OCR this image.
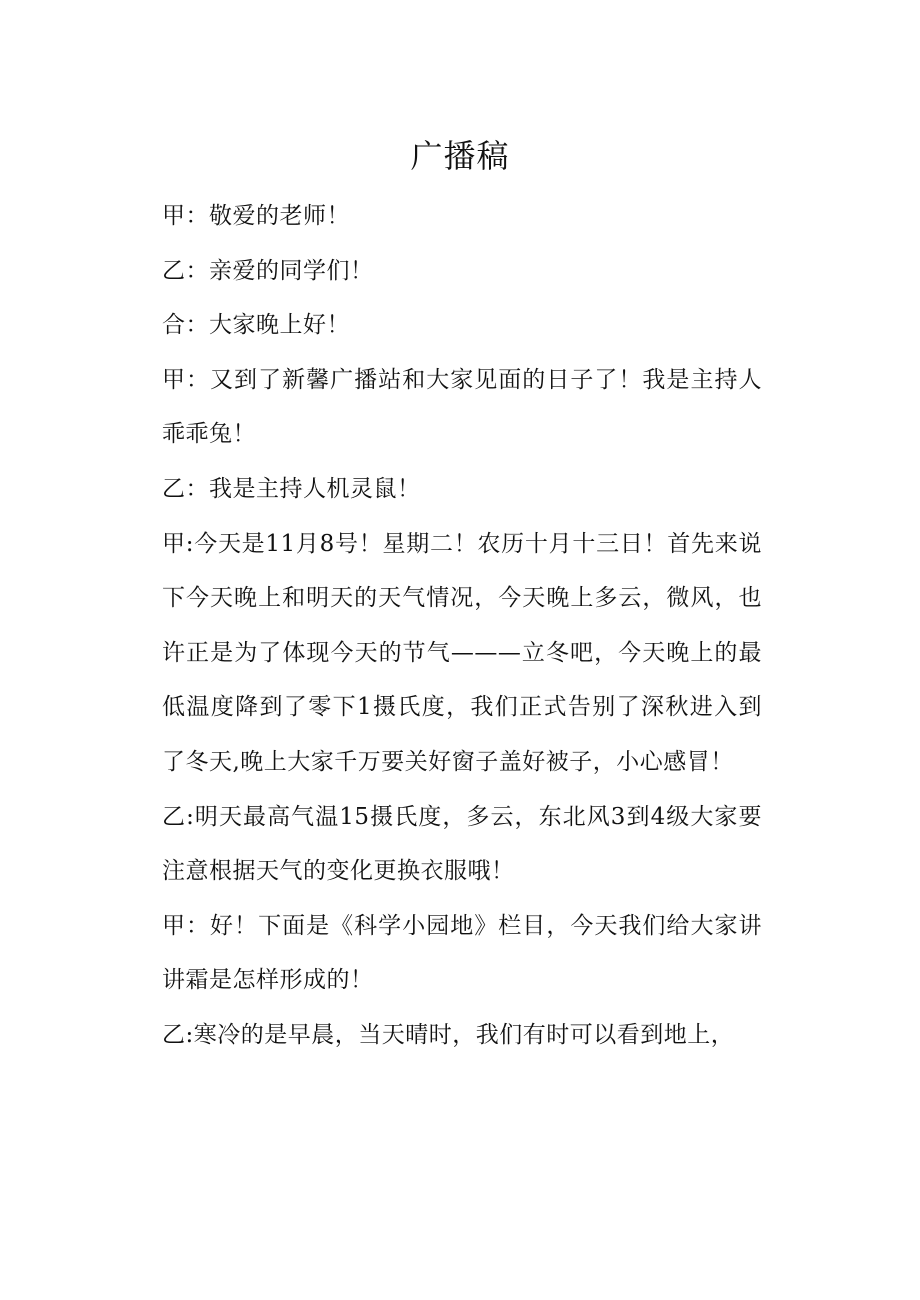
广播稿

甲：敬爱的老师！

乙：亲爱的同学们！

合：大家晚上好！

甲：又到了新馨广播站和大家见面的日子了！我是主持人乖乖兔！

乙：我是主持人机灵鼠！

甲:今天是11月8号！星期二！农历十月十三日！首先来说下今天晚上和明天的天气情况，今天晚上多云，微风，也许正是为了体现今天的节气———立冬吧，今天晚上的最低温度降到了零下1摄氏度，我们正式告别了深秋进入到了冬天,晚上大家千万要关好窗子盖好被子，小心感冒！

乙:明天最高气温15摄氏度，多云，东北风3到4级大家要注意根据天气的变化更换衣服哦！

甲：好！下面是《科学小园地》栏目，今天我们给大家讲讲霜是怎样形成的！

乙:寒冷的是早晨，当天晴时，我们有时可以看到地上，
